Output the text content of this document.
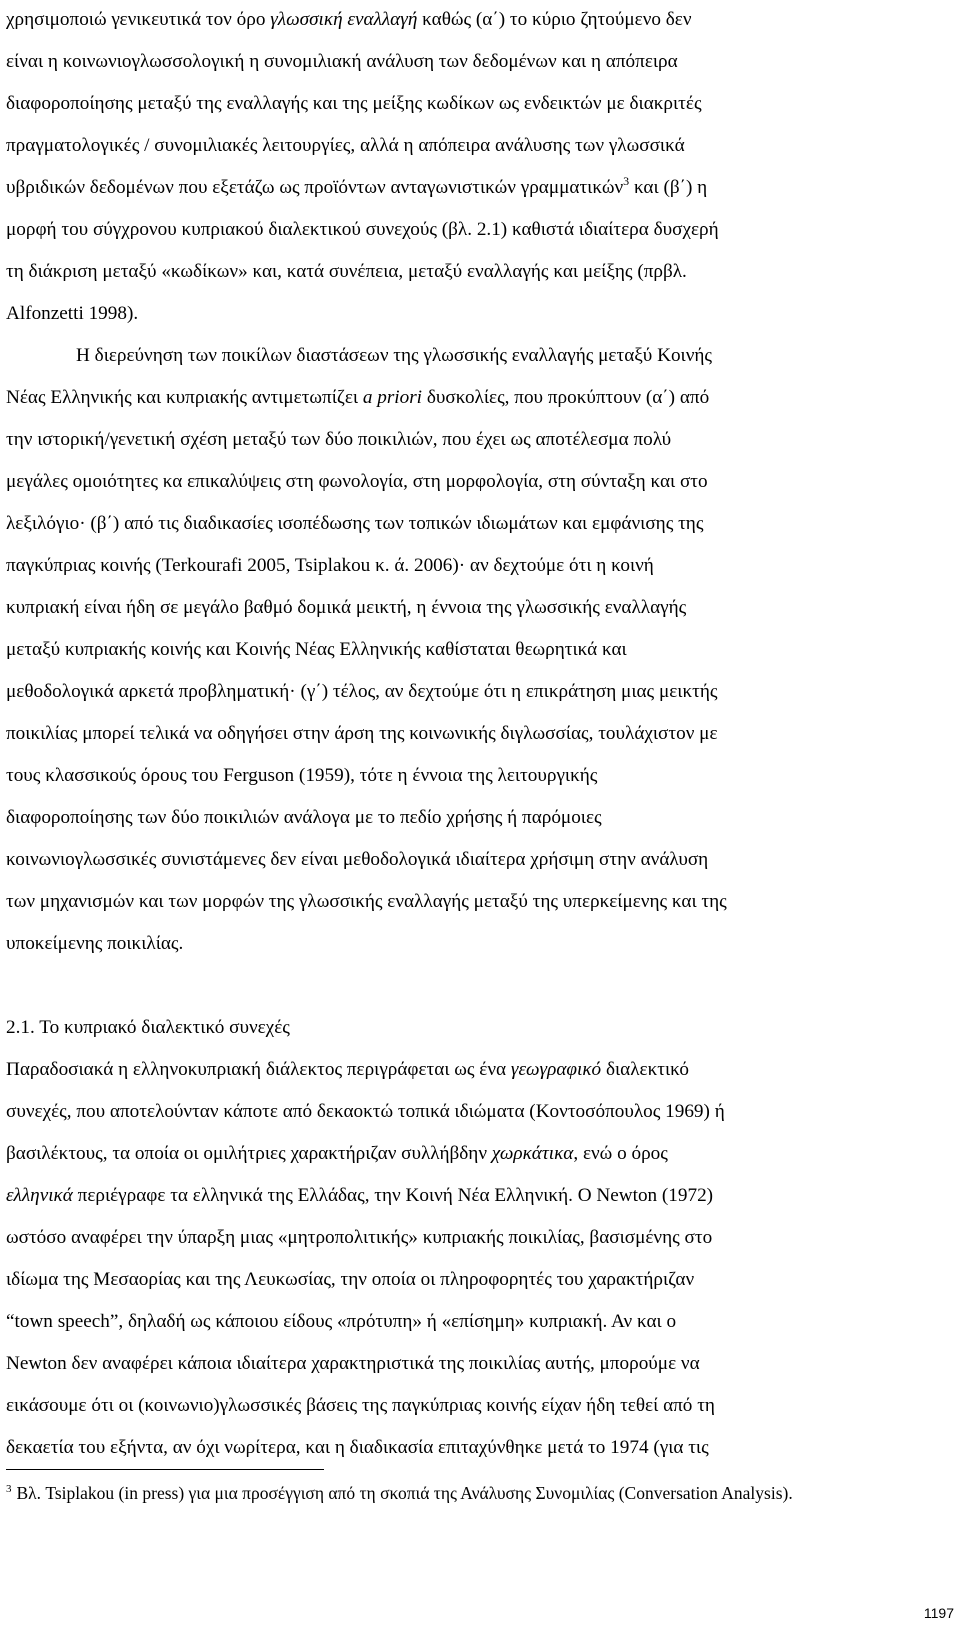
χρησιμοποιώ γενικευτικά τον όρο γλωσσική εναλλαγή καθώς (α΄) το κύριο ζητούμενο δεν
είναι η κοινωνιογλωσσολογική η συνομιλιακή ανάλυση των δεδομένων και η απόπειρα
διαφοροποίησης μεταξύ της εναλλαγής και της μείξης κωδίκων ως ενδεικτών με διακριτές
πραγματολογικές / συνομιλιακές λειτουργίες, αλλά η απόπειρα ανάλυσης των γλωσσικά
υβριδικών δεδομένων που εξετάζω ως προϊόντων ανταγωνιστικών γραμματικών$^3$ και (β΄) η
μορφή του σύγχρονου κυπριακού διαλεκτικού συνεχούς (βλ. 2.1) καθιστά ιδιαίτερα δυσχερή
τη διάκριση μεταξύ «κωδίκων» και, κατά συνέπεια, μεταξύ εναλλαγής και μείξης (πρβλ.
Alfonzetti 1998).
Η διερεύνηση των ποικίλων διαστάσεων της γλωσσικής εναλλαγής μεταξύ Κοινής
Νέας Ελληνικής και κυπριακής αντιμετωπίζει a priori δυσκολίες, που προκύπτουν (α΄) από
την ιστορική/γενετική σχέση μεταξύ των δύο ποικιλιών, που έχει ως αποτέλεσμα πολύ
μεγάλες ομοιότητες κα επικαλύψεις στη φωνολογία, στη μορφολογία, στη σύνταξη και στο
λεξιλόγιο· (β΄) από τις διαδικασίες ισοπέδωσης των τοπικών ιδιωμάτων και εμφάνισης της
παγκύπριας κοινής (Terkourafi 2005, Tsiplakou κ. ά. 2006)· αν δεχτούμε ότι η κοινή
κυπριακή είναι ήδη σε μεγάλο βαθμό δομικά μεικτή, η έννοια της γλωσσικής εναλλαγής
μεταξύ κυπριακής κοινής και Κοινής Νέας Ελληνικής καθίσταται θεωρητικά και
μεθοδολογικά αρκετά προβληματική· (γ΄) τέλος, αν δεχτούμε ότι η επικράτηση μιας μεικτής
ποικιλίας μπορεί τελικά να οδηγήσει στην άρση της κοινωνικής διγλωσσίας, τουλάχιστον με
τους κλασσικούς όρους του Ferguson (1959), τότε η έννοια της λειτουργικής
διαφοροποίησης των δύο ποικιλιών ανάλογα με το πεδίο χρήσης ή παρόμοιες
κοινωνιογλωσσικές συνιστάμενες δεν είναι μεθοδολογικά ιδιαίτερα χρήσιμη στην ανάλυση
των μηχανισμών και των μορφών της γλωσσικής εναλλαγής μεταξύ της υπερκείμενης και της
υποκείμενης ποικιλίας.
2.1. Το κυπριακό διαλεκτικό συνεχές
Παραδοσιακά η ελληνοκυπριακή διάλεκτος περιγράφεται ως ένα γεωγραφικό διαλεκτικό
συνεχές, που αποτελούνταν κάποτε από δεκαοκτώ τοπικά ιδιώματα (Κοντοσόπουλος 1969) ή
βασιλέκτους, τα οποία οι ομιλήτριες χαρακτήριζαν συλλήβδην χωρκάτικα, ενώ ο όρος
ελληνικά περιέγραφε τα ελληνικά της Ελλάδας, την Κοινή Νέα Ελληνική. Ο Newton (1972)
ωστόσο αναφέρει την ύπαρξη μιας «μητροπολιτικής» κυπριακής ποικιλίας, βασισμένης στο
ιδίωμα της Μεσαορίας και της Λευκωσίας, την οποία οι πληροφορητές του χαρακτήριζαν
“town speech”, δηλαδή ως κάποιου είδους «πρότυπη» ή «επίσημη» κυπριακή. Αν και ο
Newton δεν αναφέρει κάποια ιδιαίτερα χαρακτηριστικά της ποικιλίας αυτής, μπορούμε να
εικάσουμε ότι οι (κοινωνιο)γλωσσικές βάσεις της παγκύπριας κοινής είχαν ήδη τεθεί από τη
δεκαετία του εξήντα, αν όχι νωρίτερα, και η διαδικασία επιταχύνθηκε μετά το 1974 (για τις
$^3$ Βλ. Tsiplakou (in press) για μια προσέγγιση από τη σκοπιά της Ανάλυσης Συνομιλίας (Conversation Analysis).
1197
